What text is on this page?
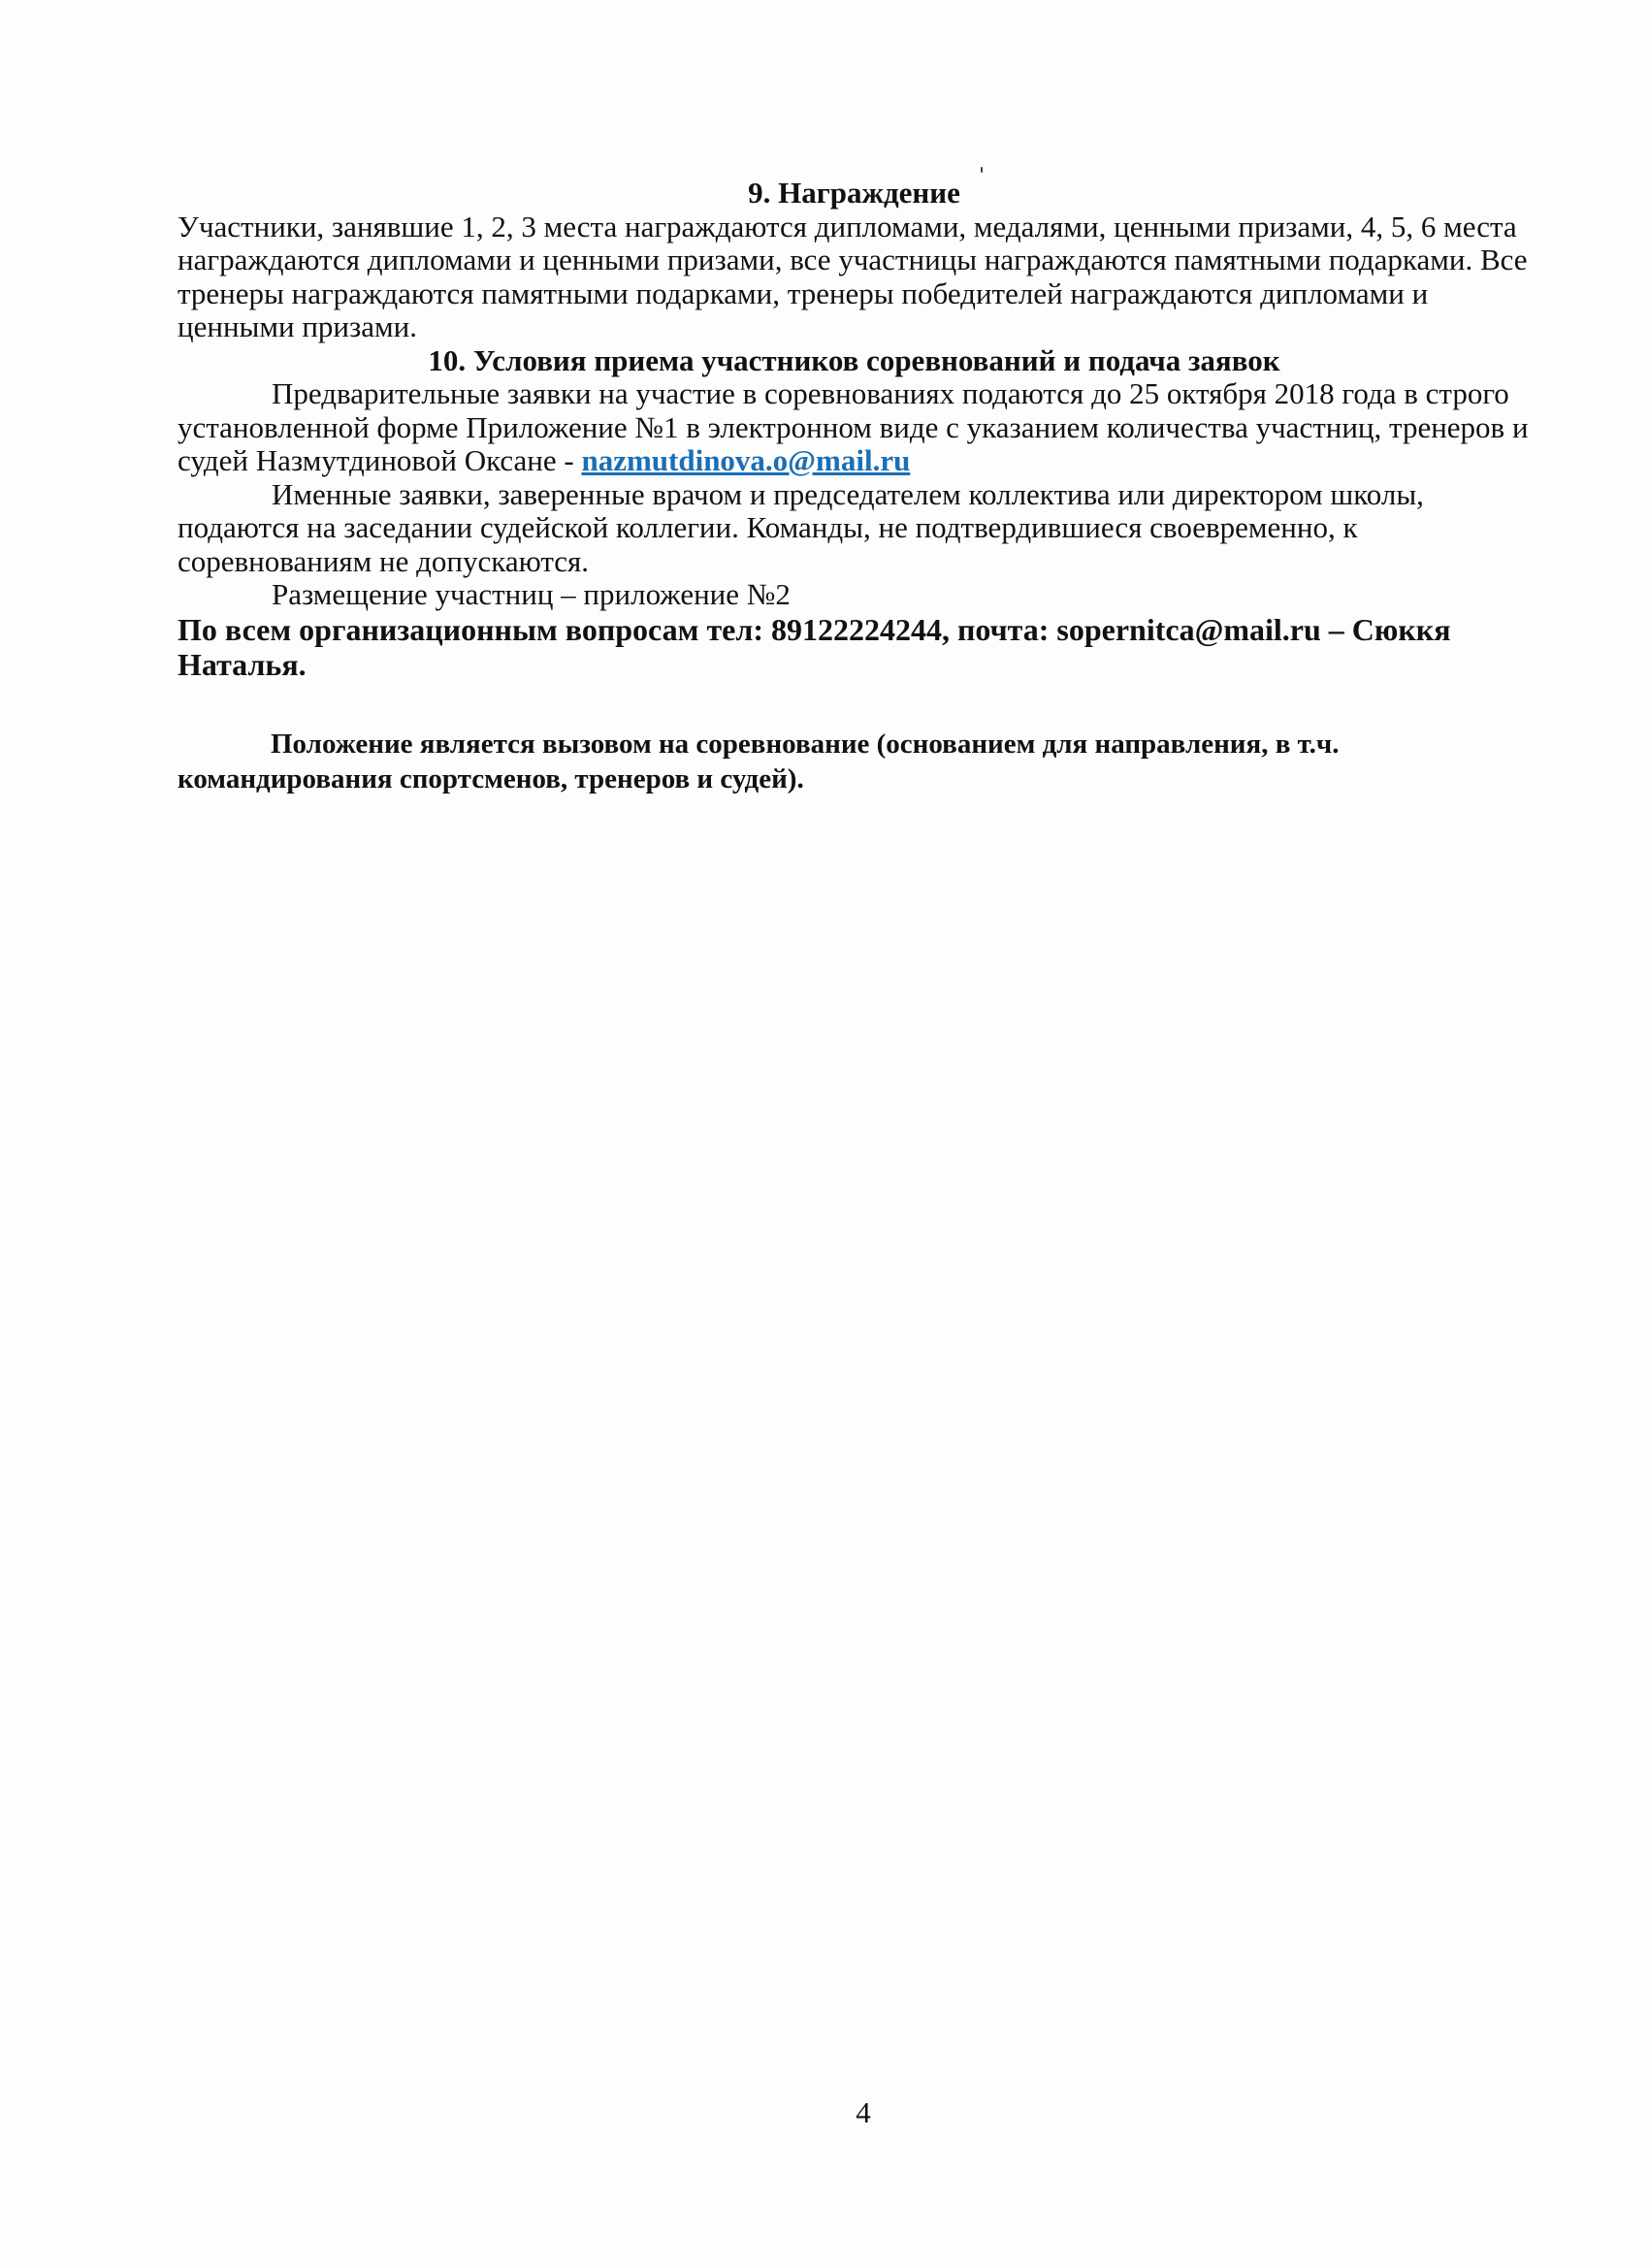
9. Награждение

Участники, занявшие 1, 2, 3 места награждаются дипломами, медалями, ценными призами, 4, 5, 6 места награждаются дипломами и ценными призами, все участницы награждаются памятными подарками. Все тренеры награждаются памятными подарками, тренеры победителей награждаются дипломами и ценными призами.

10. Условия приема участников соревнований и подача заявок

Предварительные заявки на участие в соревнованиях подаются до 25 октября 2018 года в строго установленной форме Приложение №1 в электронном виде с указанием количества участниц, тренеров и судей Назмутдиновой Оксане - nazmutdinova.o@mail.ru

Именные заявки, заверенные врачом и председателем коллектива или директором школы, подаются на заседании судейской коллегии. Команды, не подтвердившиеся своевременно, к соревнованиям не допускаются.

Размещение участниц – приложение №2

По всем организационным вопросам тел: 89122224244, почта: sopernitca@mail.ru – Сюккя Наталья.

Положение является вызовом на соревнование (основанием для направления, в т.ч. командирования спортсменов, тренеров и судей).

4
